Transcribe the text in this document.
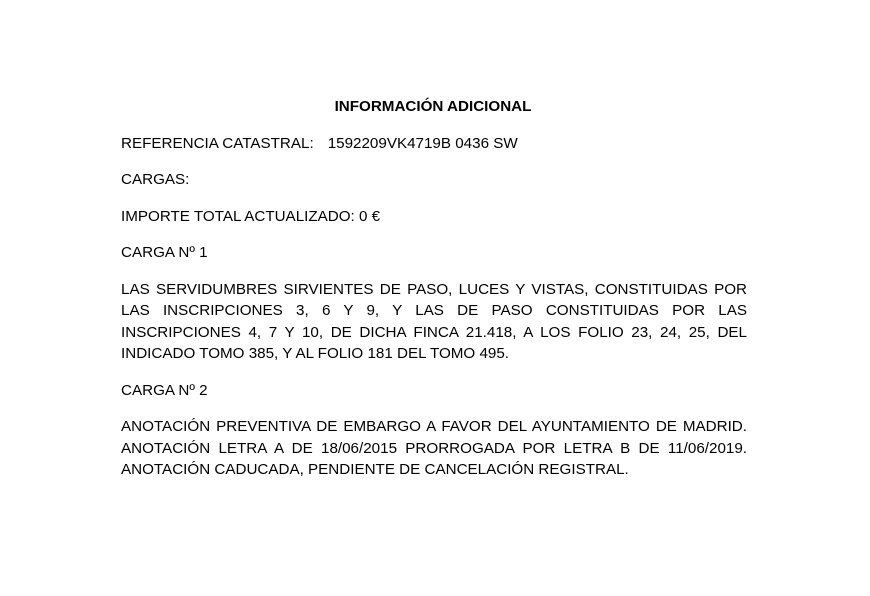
INFORMACIÓN ADICIONAL

REFERENCIA CATASTRAL: 1592209VK4719B 0436 SW

CARGAS:

IMPORTE TOTAL ACTUALIZADO: 0 €

CARGA Nº 1

LAS SERVIDUMBRES SIRVIENTES DE PASO, LUCES Y VISTAS, CONSTITUIDAS POR LAS INSCRIPCIONES 3, 6 Y 9, Y LAS DE PASO CONSTITUIDAS POR LAS INSCRIPCIONES 4, 7 Y 10, DE DICHA FINCA 21.418, A LOS FOLIO 23, 24, 25, DEL INDICADO TOMO 385, Y AL FOLIO 181 DEL TOMO 495.

CARGA Nº 2

ANOTACIÓN PREVENTIVA DE EMBARGO A FAVOR DEL AYUNTAMIENTO DE MADRID. ANOTACIÓN LETRA A DE 18/06/2015 PRORROGADA POR LETRA B DE 11/06/2019. ANOTACIÓN CADUCADA, PENDIENTE DE CANCELACIÓN REGISTRAL.
